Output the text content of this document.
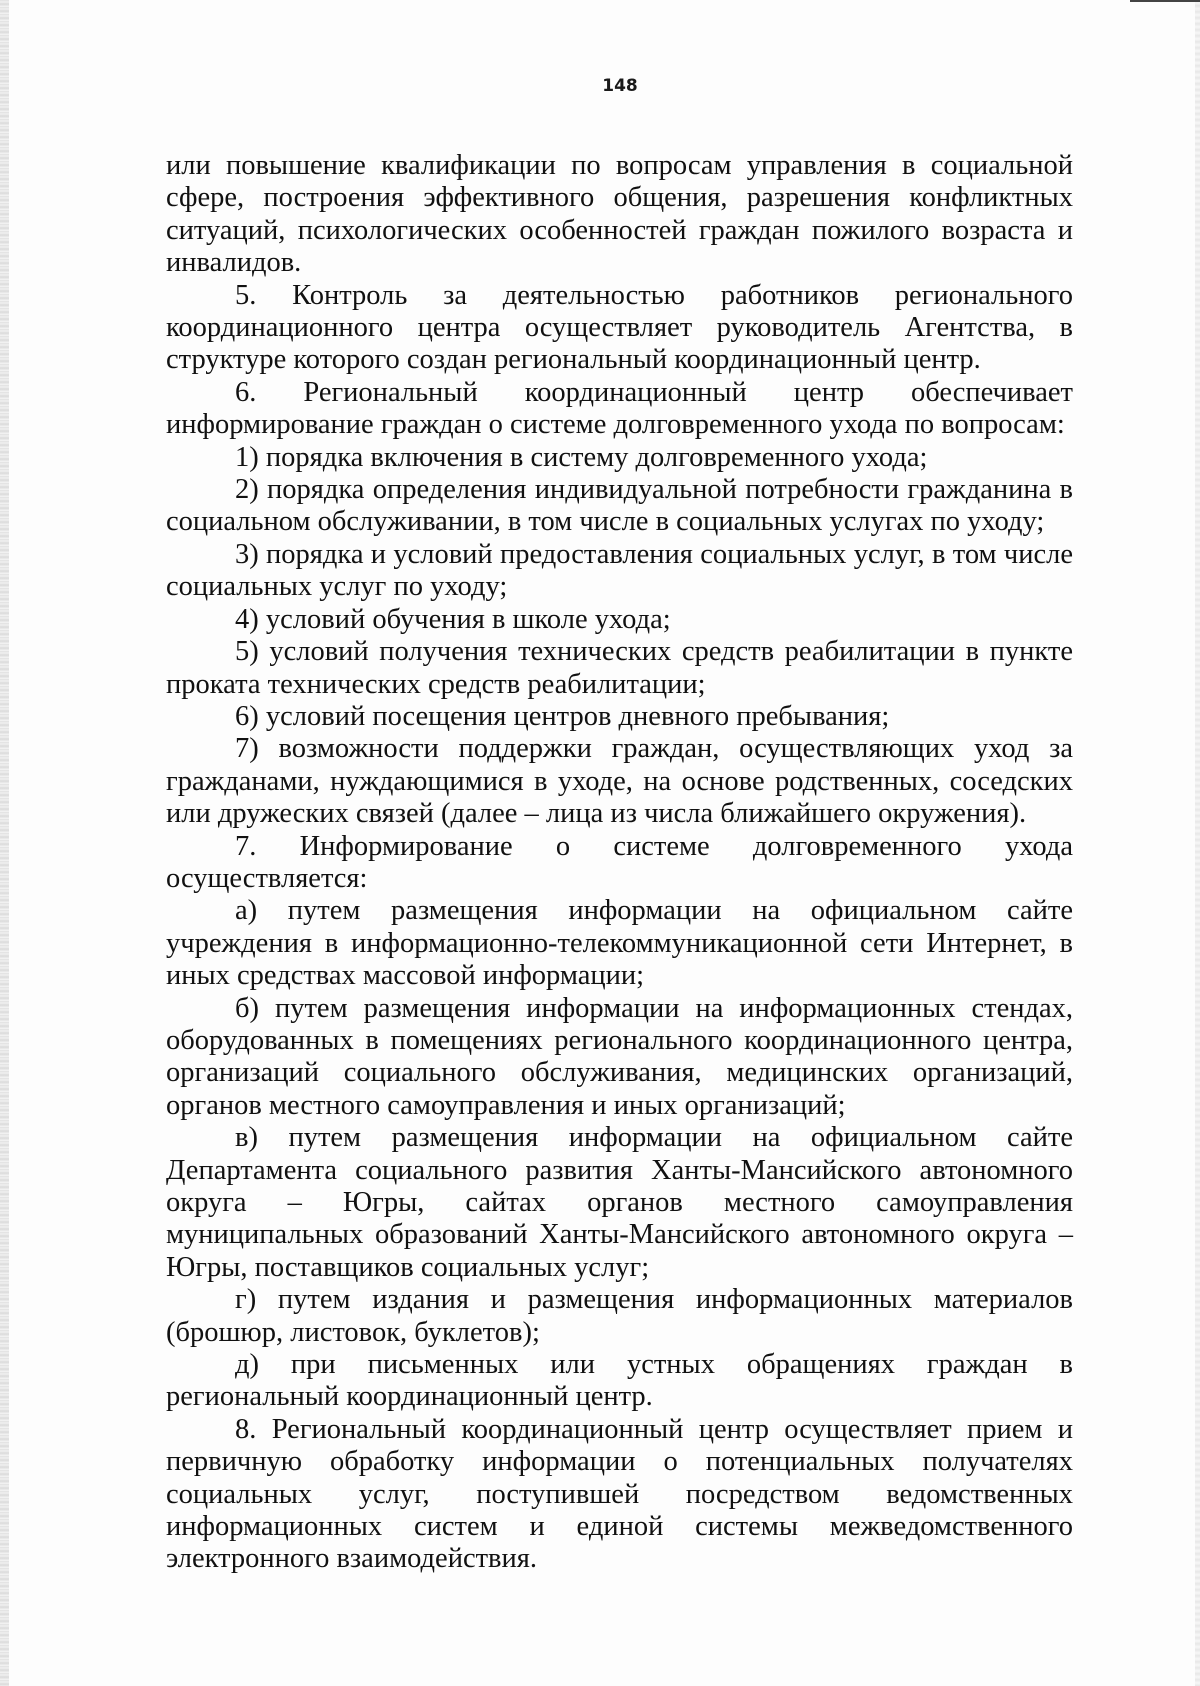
148

или повышение квалификации по вопросам управления в социальной сфере, построения эффективного общения, разрешения конфликтных ситуаций, психологических особенностей граждан пожилого возраста и инвалидов.

5. Контроль за деятельностью работников регионального координационного центра осуществляет руководитель Агентства, в структуре которого создан региональный координационный центр.

6. Региональный координационный центр обеспечивает информирование граждан о системе долговременного ухода по вопросам:

1) порядка включения в систему долговременного ухода;

2) порядка определения индивидуальной потребности гражданина в социальном обслуживании, в том числе в социальных услугах по уходу;

3) порядка и условий предоставления социальных услуг, в том числе социальных услуг по уходу;

4) условий обучения в школе ухода;

5) условий получения технических средств реабилитации в пункте проката технических средств реабилитации;

6) условий посещения центров дневного пребывания;

7) возможности поддержки граждан, осуществляющих уход за гражданами, нуждающимися в уходе, на основе родственных, соседских или дружеских связей (далее – лица из числа ближайшего окружения).

7. Информирование о системе долговременного ухода осуществляется:

а) путем размещения информации на официальном сайте учреждения в информационно-телекоммуникационной сети Интернет, в иных средствах массовой информации;

б) путем размещения информации на информационных стендах, оборудованных в помещениях регионального координационного центра, организаций социального обслуживания, медицинских организаций, органов местного самоуправления и иных организаций;

в) путем размещения информации на официальном сайте Департамента социального развития Ханты-Мансийского автономного округа – Югры, сайтах органов местного самоуправления муниципальных образований Ханты-Мансийского автономного округа – Югры, поставщиков социальных услуг;

г) путем издания и размещения информационных материалов (брошюр, листовок, буклетов);

д) при письменных или устных обращениях граждан в региональный координационный центр.

8. Региональный координационный центр осуществляет прием и первичную обработку информации о потенциальных получателях социальных услуг, поступившей посредством ведомственных информационных систем и единой системы межведомственного электронного взаимодействия.
